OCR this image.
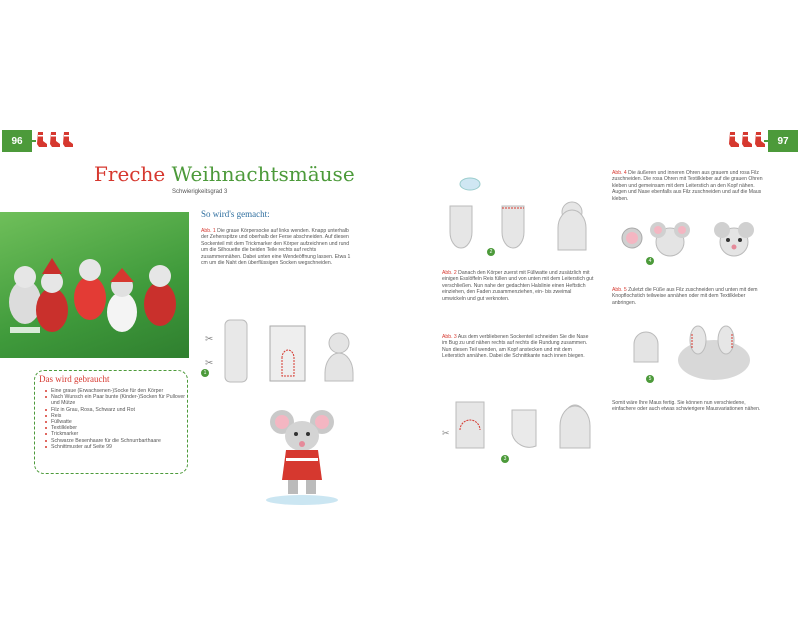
96	97
Freche Weihnachtsmäuse
Schwierigkeitsgrad 3
Das wird gebraucht
Eine graue (Erwachsenen-)Socke für den Körper
Nach Wunsch ein Paar bunte (Kinder-)Socken für Pullover und Mütze
Filz in Grau, Rosa, Schwarz und Rot
Reis
Füllwatte
Textilkleber
Trickmarker
Schwarze Besenhaare für die Schnurrbarthaare
Schnittmuster auf Seite 99
So wird's gemacht:
Abb. 1 Die graue Körpersocke auf links wenden. Knapp unterhalb der Zehenspitze und oberhalb der Ferse abschneiden. Auf diesen Sockenteil mit dem Trickmarker den Körper aufzeichnen und rund um die Silhouette die beiden Teile rechts auf rechts zusammennähen. Dabei unten eine Wendeöffnung lassen. Etwa 1 cm um die Naht den überflüssigen Socken wegschneiden.
✂
✂
1
2
Abb. 2 Danach den Körper zuerst mit Füllwatte und zusätzlich mit einigen Esslöffeln Reis füllen und von unten mit dem Leiterstich gut verschließen. Nun nahe der gedachten Halslinie einen Heftstich einziehen, den Faden zusammenziehen, ein- bis zweimal umwickeln und gut verknoten.
Abb. 3 Aus dem verbliebenen Sockenteil schneiden Sie die Nase im Bug zu und nähen rechts auf rechts die Rundung zusammen. Nun diesen Teil wenden, am Kopf anstecken und mit dem Leiterstich annähen. Dabei die Schnittkante nach innen biegen.
✂
3
Abb. 4 Die äußeren und inneren Ohren aus grauem und rosa Filz zuschneiden. Die rosa Ohren mit Textilkleber auf die grauen Ohren kleben und gemeinsam mit dem Leiterstich an den Kopf nähen. Augen und Nase ebenfalls aus Filz zuschneiden und auf die Maus kleben.
4
Abb. 5 Zuletzt die Füße aus Filz zuschneiden und unten mit dem Knopflochstich teilweise annähen oder mit dem Textilkleber anbringen.
5
Somit wäre Ihre Maus fertig. Sie können nun verschiedene, einfachere oder auch etwas schwierigere Mausvariationen nähen.
